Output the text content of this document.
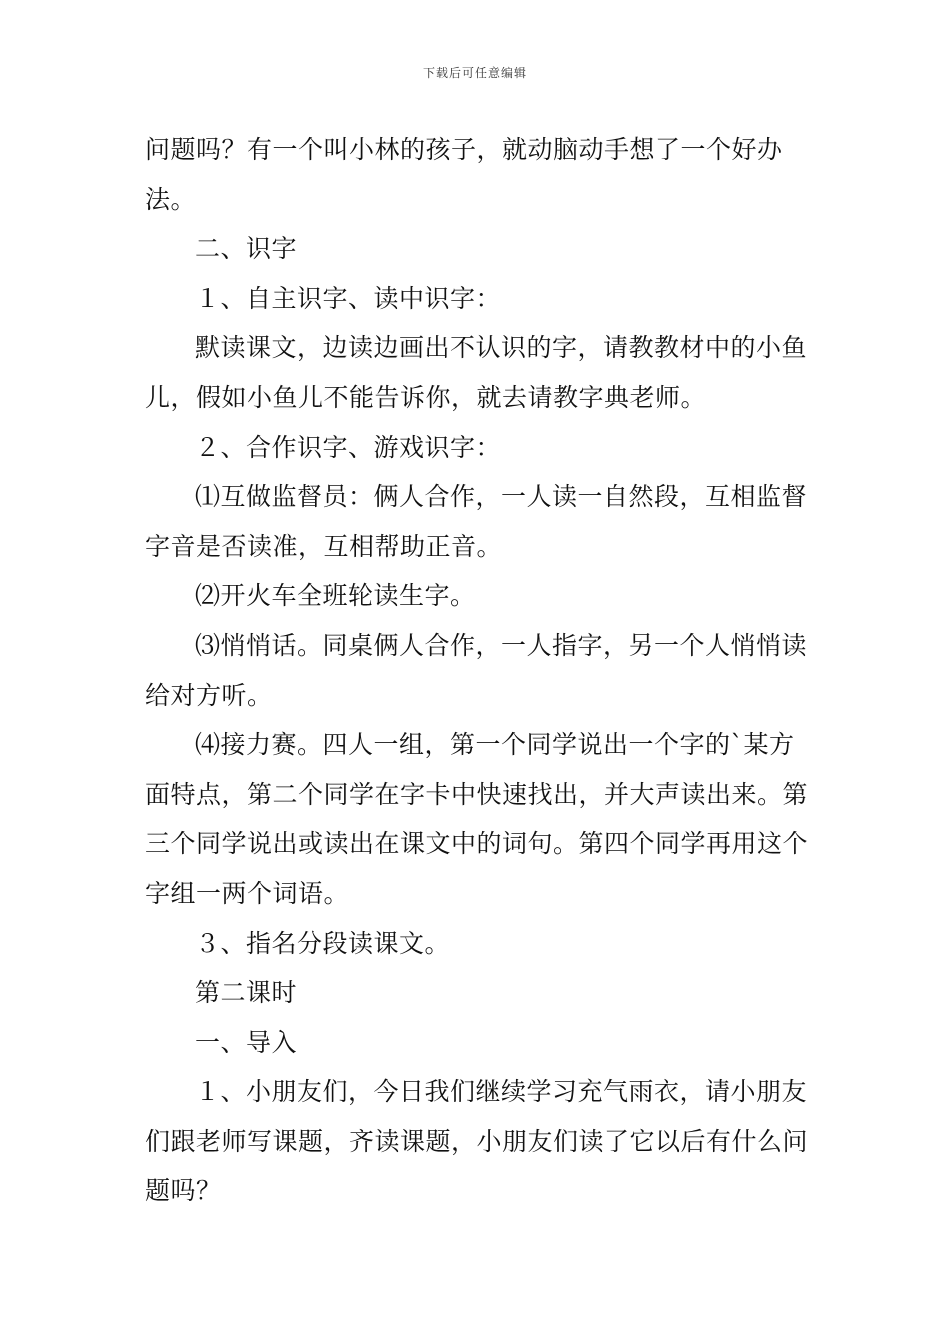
下载后可任意编辑

问题吗？有一个叫小林的孩子，就动脑动手想了一个好办法。

二、识字

１、自主识字、读中识字：

默读课文，边读边画出不认识的字，请教教材中的小鱼儿，假如小鱼儿不能告诉你，就去请教字典老师。

２、合作识字、游戏识字：

⑴互做监督员：俩人合作，一人读一自然段，互相监督字音是否读准，互相帮助正音。

⑵开火车全班轮读生字。

⑶悄悄话。同桌俩人合作，一人指字，另一个人悄悄读给对方听。

⑷接力赛。四人一组，第一个同学说出一个字的`某方面特点，第二个同学在字卡中快速找出，并大声读出来。第三个同学说出或读出在课文中的词句。第四个同学再用这个字组一两个词语。

３、指名分段读课文。

第二课时

一、导入

１、小朋友们，今日我们继续学习充气雨衣，请小朋友们跟老师写课题，齐读课题，小朋友们读了它以后有什么问题吗？
